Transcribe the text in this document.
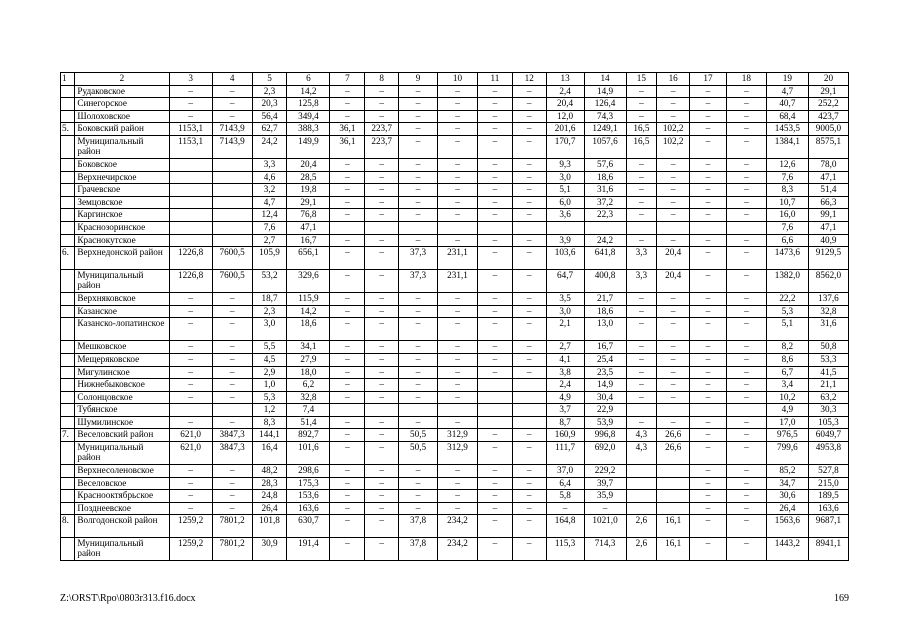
1	2	3	4	5	6	7	8	9	10	11	12	13	14	15	16	17	18	19	20
	Рудаковское	–	–	2,3	14,2	–	–	–	–	–	–	2,4	14,9	–	–	–	–	4,7	29,1
	Синегорское	–	–	20,3	125,8	–	–	–	–	–	–	20,4	126,4	–	–	–	–	40,7	252,2
	Шолоховское	–	–	56,4	349,4	–	–	–	–	–	–	12,0	74,3	–	–	–	–	68,4	423,7
5.	Боковский район	1153,1	7143,9	62,7	388,3	36,1	223,7	–	–	–	–	201,6	1249,1	16,5	102,2	–	–	1453,5	9005,0
	Муниципальный район	1153,1	7143,9	24,2	149,9	36,1	223,7	–	–	–	–	170,7	1057,6	16,5	102,2	–	–	1384,1	8575,1
	Боковское			3,3	20,4	–	–	–	–	–	–	9,3	57,6	–	–	–	–	12,6	78,0
	Верхнечирское			4,6	28,5	–	–	–	–	–	–	3,0	18,6	–	–	–	–	7,6	47,1
	Грачевское			3,2	19,8	–	–	–	–	–	–	5,1	31,6	–	–	–	–	8,3	51,4
	Земцовское			4,7	29,1	–	–	–	–	–	–	6,0	37,2	–	–	–	–	10,7	66,3
	Каргинское			12,4	76,8	–	–	–	–	–	–	3,6	22,3	–	–	–	–	16,0	99,1
	Краснозоринское			7,6	47,1													7,6	47,1
	Краснокутское			2,7	16,7	–	–	–	–	–	–	3,9	24,2	–	–	–	–	6,6	40,9
6.	Верхнедонской район	1226,8	7600,5	105,9	656,1	–	–	37,3	231,1	–	–	103,6	641,8	3,3	20,4	–	–	1473,6	9129,5
	Муниципальный район	1226,8	7600,5	53,2	329,6	–	–	37,3	231,1	–	–	64,7	400,8	3,3	20,4	–	–	1382,0	8562,0
	Верхняковское	–	–	18,7	115,9	–	–	–	–	–	–	3,5	21,7	–	–	–	–	22,2	137,6
	Казанское	–	–	2,3	14,2	–	–	–	–	–	–	3,0	18,6	–	–	–	–	5,3	32,8
	Казанско-лопатинское	–	–	3,0	18,6	–	–	–	–	–	–	2,1	13,0	–	–	–	–	5,1	31,6
	Мешковское	–	–	5,5	34,1	–	–	–	–	–	–	2,7	16,7	–	–	–	–	8,2	50,8
	Мещеряковское	–	–	4,5	27,9	–	–	–	–	–	–	4,1	25,4	–	–	–	–	8,6	53,3
	Мигулинское	–	–	2,9	18,0	–	–	–	–	–	–	3,8	23,5	–	–	–	–	6,7	41,5
	Нижнебыковское	–	–	1,0	6,2	–	–	–	–			2,4	14,9	–	–	–	–	3,4	21,1
	Солонцовское	–	–	5,3	32,8	–	–	–	–			4,9	30,4	–	–	–	–	10,2	63,2
	Тубянское			1,2	7,4							3,7	22,9					4,9	30,3
	Шумилинское	–	–	8,3	51,4	–	–	–	–			8,7	53,9	–	–	–	–	17,0	105,3
7.	Веселовский район	621,0	3847,3	144,1	892,7	–	–	50,5	312,9	–	–	160,9	996,8	4,3	26,6	–	–	976,5	6049,7
	Муниципальный район	621,0	3847,3	16,4	101,6	–	–	50,5	312,9	–	–	111,7	692,0	4,3	26,6	–	–	799,6	4953,8
	Верхнесоленовское	–	–	48,2	298,6	–	–	–	–	–	–	37,0	229,2			–	–	85,2	527,8
	Веселовское	–	–	28,3	175,3	–	–	–	–	–	–	6,4	39,7			–	–	34,7	215,0
	Краснооктябрьское	–	–	24,8	153,6	–	–	–	–	–	–	5,8	35,9			–	–	30,6	189,5
	Позднеевское	–	–	26,4	163,6	–	–	–	–	–	–	–	–			–	–	26,4	163,6
8.	Волгодонской район	1259,2	7801,2	101,8	630,7	–	–	37,8	234,2	–	–	164,8	1021,0	2,6	16,1	–	–	1563,6	9687,1
	Муниципальный район	1259,2	7801,2	30,9	191,4	–	–	37,8	234,2	–	–	115,3	714,3	2,6	16,1	–	–	1443,2	8941,1
Z:\ORST\Rpo\0803r313.f16.docx	169
